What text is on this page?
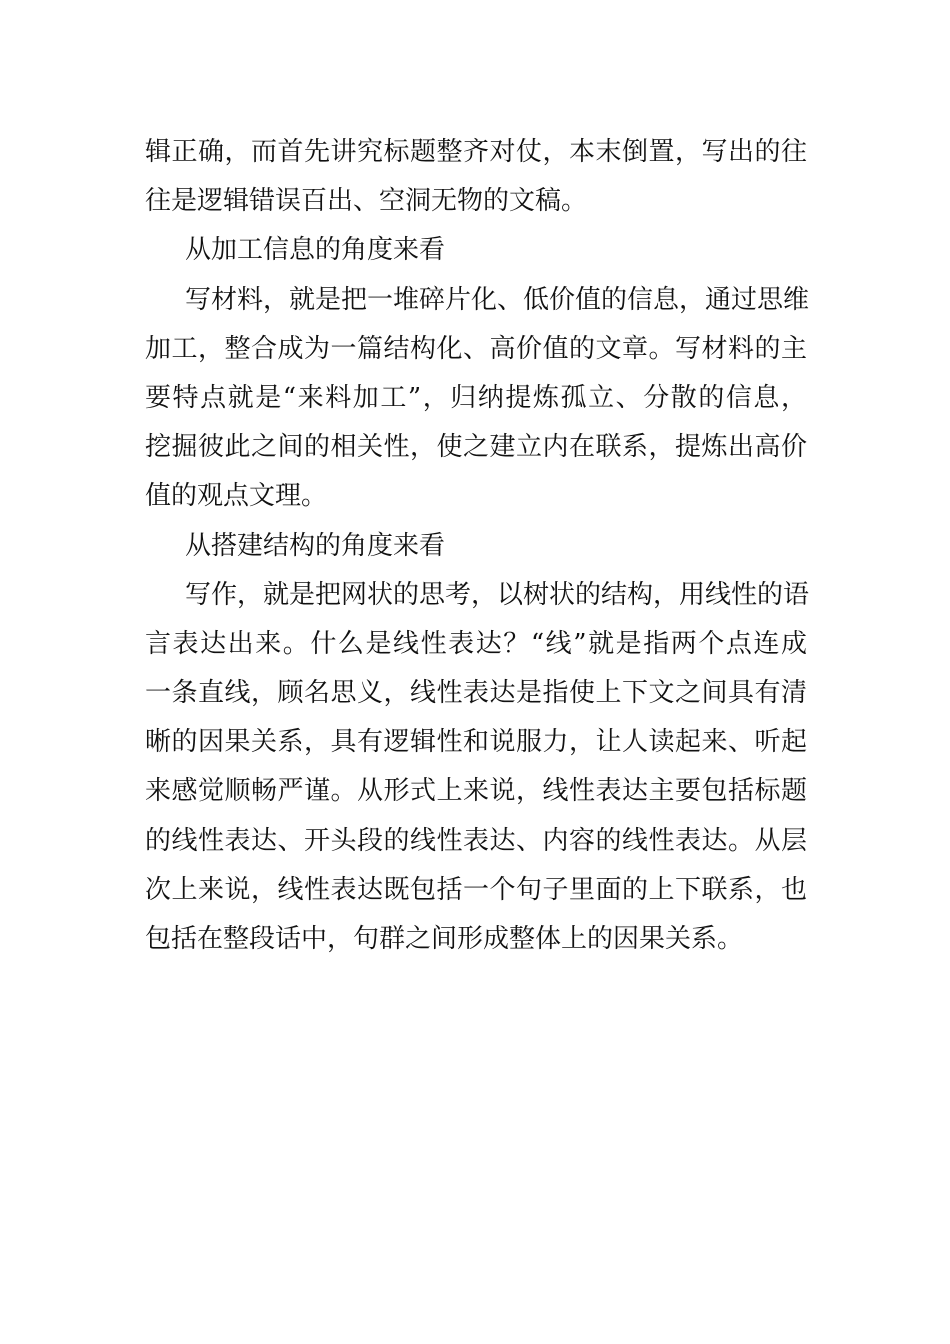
辑正确，而首先讲究标题整齐对仗，本末倒置，写出的往
往是逻辑错误百出、空洞无物的文稿。
从加工信息的角度来看
写材料，就是把一堆碎片化、低价值的信息，通过思维
加工，整合成为一篇结构化、高价值的文章。写材料的主
要特点就是“来料加工”，归纳提炼孤立、分散的信息，
挖掘彼此之间的相关性，使之建立内在联系，提炼出高价
值的观点文理。
从搭建结构的角度来看
写作，就是把网状的思考，以树状的结构，用线性的语
言表达出来。什么是线性表达？“线”就是指两个点连成
一条直线，顾名思义，线性表达是指使上下文之间具有清
晰的因果关系，具有逻辑性和说服力，让人读起来、听起
来感觉顺畅严谨。从形式上来说，线性表达主要包括标题
的线性表达、开头段的线性表达、内容的线性表达。从层
次上来说，线性表达既包括一个句子里面的上下联系，也
包括在整段话中，句群之间形成整体上的因果关系。
